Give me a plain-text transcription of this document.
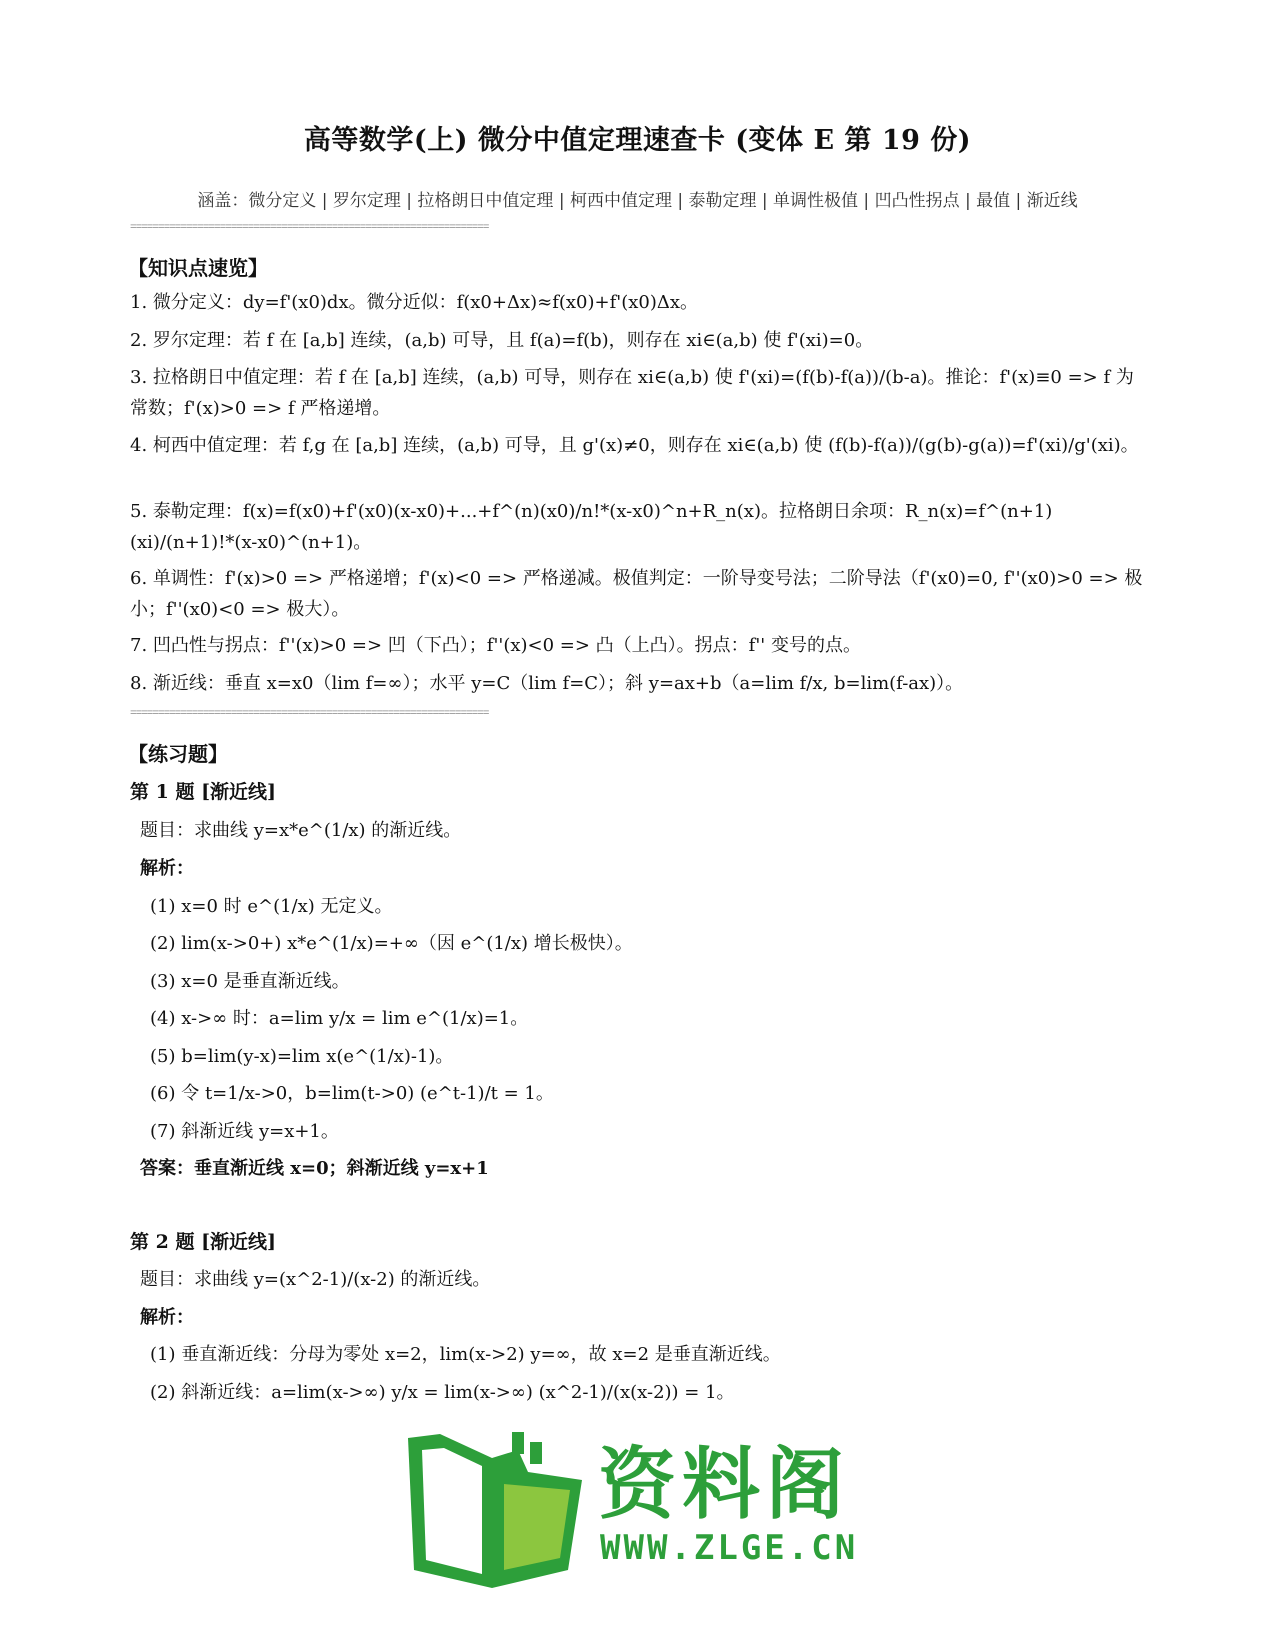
高等数学(上) 微分中值定理速查卡 (变体 E 第 19 份)
涵盖：微分定义 | 罗尔定理 | 拉格朗日中值定理 | 柯西中值定理 | 泰勒定理 | 单调性极值 | 凹凸性拐点 | 最值 | 渐近线
================================================================
【知识点速览】
1. 微分定义：dy=f'(x0)dx。微分近似：f(x0+Δx)≈f(x0)+f'(x0)Δx。
2. 罗尔定理：若 f 在 [a,b] 连续，(a,b) 可导，且 f(a)=f(b)，则存在 xi∈(a,b) 使 f'(xi)=0。
3. 拉格朗日中值定理：若 f 在 [a,b] 连续，(a,b) 可导，则存在 xi∈(a,b) 使 f'(xi)=(f(b)-f(a))/(b-a)。推论：f'(x)≡0 => f 为常数；f'(x)>0 => f 严格递增。
4. 柯西中值定理：若 f,g 在 [a,b] 连续，(a,b) 可导，且 g'(x)≠0，则存在 xi∈(a,b) 使 (f(b)-f(a))/(g(b)-g(a))=f'(xi)/g'(xi)。
5. 泰勒定理：f(x)=f(x0)+f'(x0)(x-x0)+...+f^(n)(x0)/n!*(x-x0)^n+R_n(x)。拉格朗日余项：R_n(x)=f^(n+1)(xi)/(n+1)!*(x-x0)^(n+1)。
6. 单调性：f'(x)>0 => 严格递增；f'(x)<0 => 严格递减。极值判定：一阶导变号法；二阶导法（f'(x0)=0, f''(x0)>0 => 极小；f''(x0)<0 => 极大）。
7. 凹凸性与拐点：f''(x)>0 => 凹（下凸）；f''(x)<0 => 凸（上凸）。拐点：f'' 变号的点。
8. 渐近线：垂直 x=x0（lim f=∞）；水平 y=C（lim f=C）；斜 y=ax+b（a=lim f/x, b=lim(f-ax)）。
================================================================
【练习题】
第 1 题 [渐近线]
题目：求曲线 y=x*e^(1/x) 的渐近线。
解析：
(1) x=0 时 e^(1/x) 无定义。
(2) lim(x->0+) x*e^(1/x)=+∞（因 e^(1/x) 增长极快）。
(3) x=0 是垂直渐近线。
(4) x->∞ 时：a=lim y/x = lim e^(1/x)=1。
(5) b=lim(y-x)=lim x(e^(1/x)-1)。
(6) 令 t=1/x->0，b=lim(t->0) (e^t-1)/t = 1。
(7) 斜渐近线 y=x+1。
答案：垂直渐近线 x=0；斜渐近线 y=x+1
第 2 题 [渐近线]
题目：求曲线 y=(x^2-1)/(x-2) 的渐近线。
解析：
(1) 垂直渐近线：分母为零处 x=2，lim(x->2) y=∞，故 x=2 是垂直渐近线。
(2) 斜渐近线：a=lim(x->∞) y/x = lim(x->∞) (x^2-1)/(x(x-2)) = 1。
资料阁
WWW.ZLGE.CN
